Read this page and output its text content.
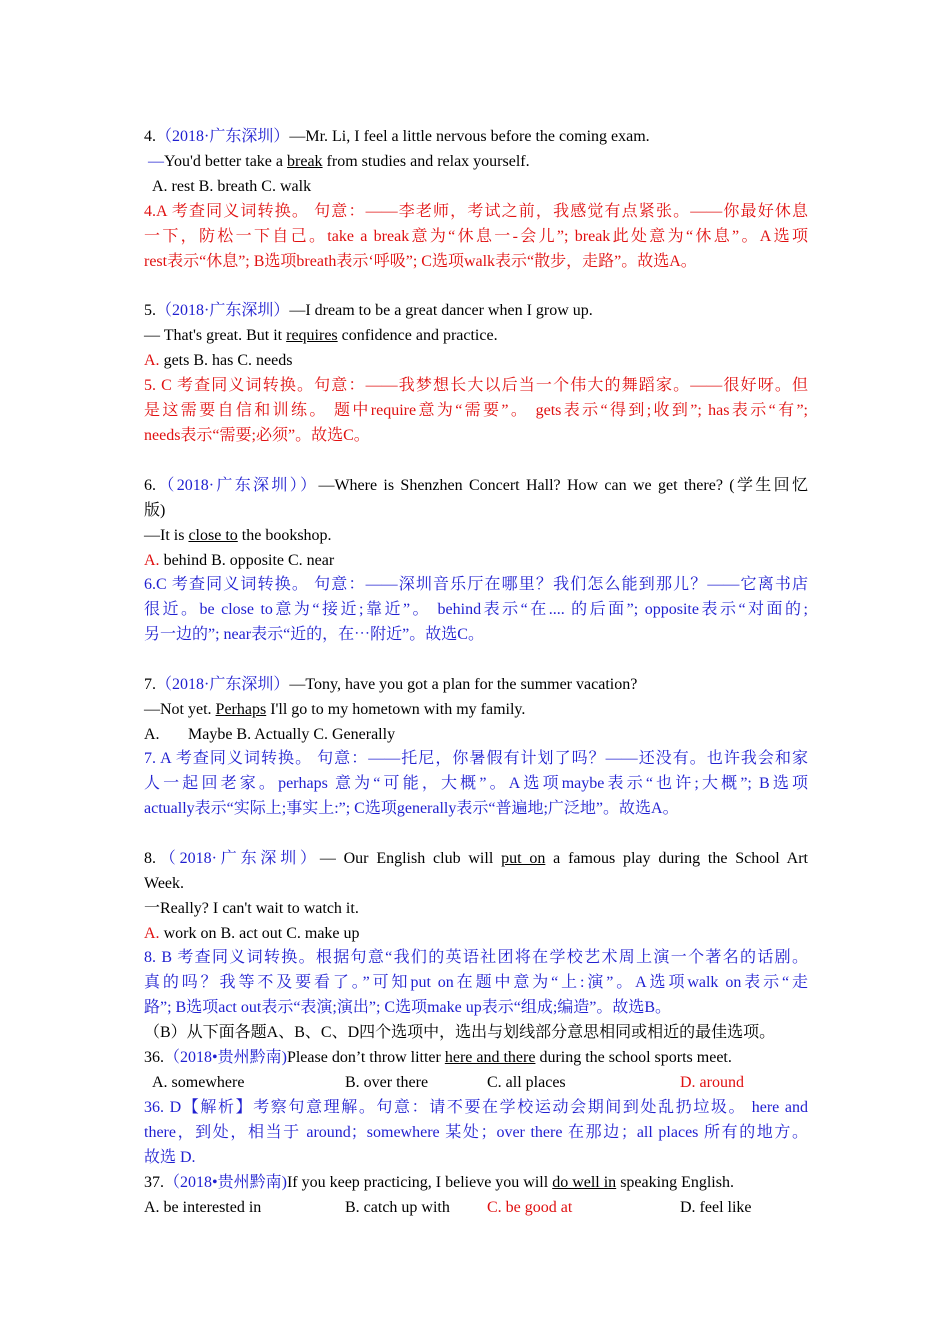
4.（2018·广东深圳）—Mr. Li, I feel a little nervous before the coming exam.
—You'd better take a break from studies and relax yourself.
A. rest B. breath C. walk
4.A 考查同义词转换。 句意：——李老师，考试之前，我感觉有点紧张。——你最好休息
一下，防松一下自己。take a break意为“休息一-会儿”; break此处意为“休息”。A选项
rest表示“休息”; B选项breath表示‘呼吸”; C选项walk表示“散步，走路”。故选A。
5.（2018·广东深圳）—I dream to be a great dancer when I grow up.
— That's great. But it requires confidence and practice.
A. gets B. has C. needs
5. C 考查同义词转换。句意：——我梦想长大以后当一个伟大的舞蹈家。——很好呀。但
是这需要自信和训练。 题中require意为“需要”。 gets表示“得到;收到”; has表示“有”;
needs表示“需要;必须”。故选C。
6.（2018·广东深圳））—Where is Shenzhen Concert Hall? How can we get there? (学生回忆
版)
—It is close to the bookshop.
A. behind B. opposite C. near
6.C 考查同义词转换。 句意：——深圳音乐厅在哪里？我们怎么能到那儿？——它离书店
很近。be close to意为“接近;靠近”。 behind表示“在.... 的后面”; opposite表示“对面的;
另一边的”; near表示“近的，在⋯附近”。故选C。
7.（2018·广东深圳）—Tony, have you got a plan for the summer vacation?
—Not yet. Perhaps I'll go to my hometown with my family.
A. Maybe B. Actually C. Generally
7. A 考查同义词转换。 句意：——托尼，你暑假有计划了吗？——还没有。也许我会和家
人一起回老家。perhaps 意为“可能，大概”。A选项maybe表示“也许;大概”; B选项
actually表示“实际上;事实上:”; C选项generally表示“普遍地;广泛地”。故选A。
8.（2018·广东深圳）— Our English club will put on a famous play during the School Art
Week.
一Really? I can't wait to watch it.
A. work on B. act out C. make up
8. B 考查同义词转换。根据句意“我们的英语社团将在学校艺术周上演一个著名的话剧。
真的吗？我等不及要看了。”可知put on在题中意为“上:演”。A选项walk on表示“走
路”; B选项act out表示“表演;演出”; C选项make up表示“组成;编造”。故选B。
（B）从下面各题A、B、C、D四个选项中，选出与划线部分意思相同或相近的最佳选项。
36.（2018•贵州黔南)Please don’t throw litter here and there during the school sports meet.
A. somewhere	B. over there	C. all places	D. around
36. D【解析】考察句意理解。句意：请不要在学校运动会期间到处乱扔垃圾。 here and
there，到处，相当于 around；somewhere 某处；over there 在那边；all places 所有的地方。
故选 D.
37.（2018•贵州黔南)If you keep practicing, I believe you will do well in speaking English.
A. be interested in	B. catch up with C. be good at	D. feel like
